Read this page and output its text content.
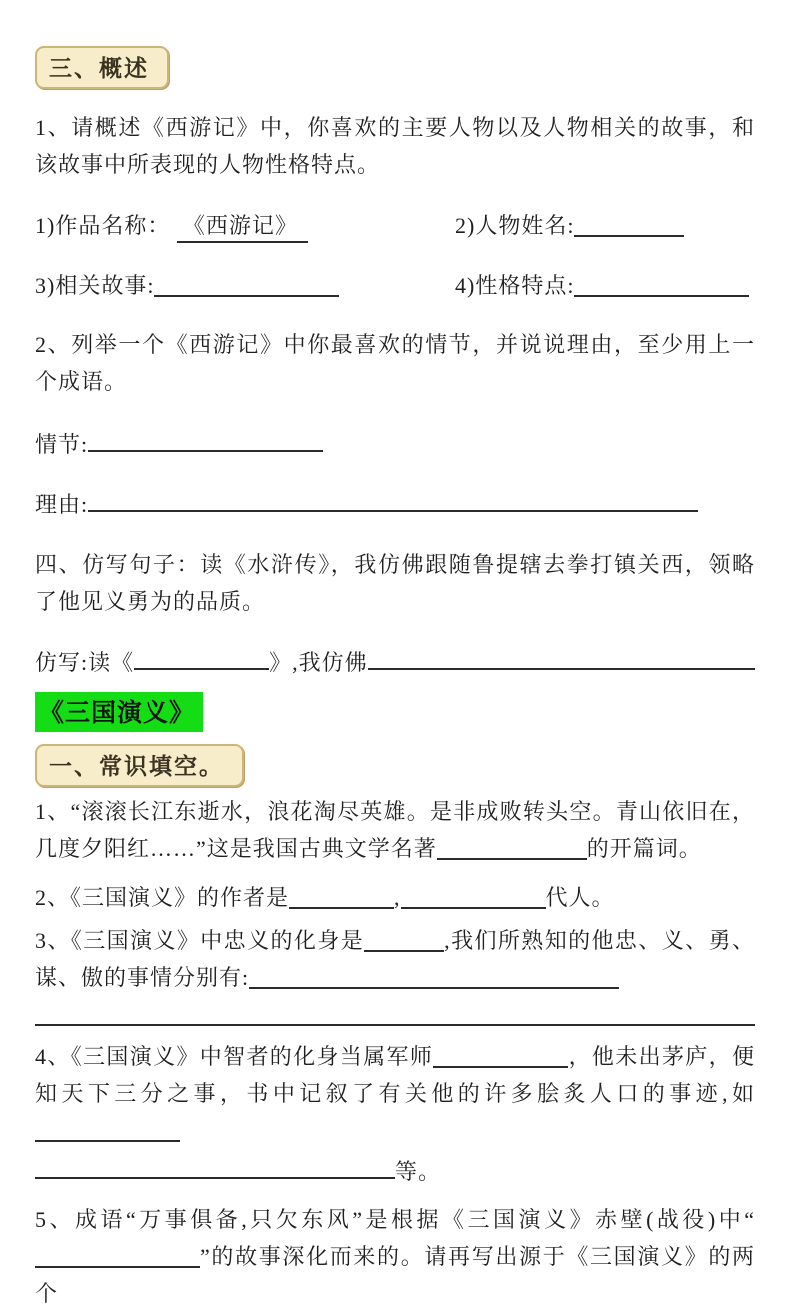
三、概述

1、请概述《西游记》中，你喜欢的主要人物以及人物相关的故事，和该故事中所表现的人物性格特点。

1)作品名称： 《西游记》	2)人物姓名:
3)相关故事:	4)性格特点:

2、列举一个《西游记》中你最喜欢的情节，并说说理由，至少用上一个成语。

情节:
理由:

四、仿写句子：读《水浒传》，我仿佛跟随鲁提辖去拳打镇关西，领略了他见义勇为的品质。

仿写:读《	》,我仿佛
《三国演义》
一、常识填空。

1、“滚滚长江东逝水，浪花淘尽英雄。是非成败转头空。青山依旧在，几度夕阳红……”这是我国古典文学名著	的开篇词。

2、《三国演义》的作者是	,	代人。

3、《三国演义》中忠义的化身是	,我们所熟知的他忠、义、勇、谋、傲的事情分别有:

4、《三国演义》中智者的化身当属军师	，他未出茅庐，便知天下三分之事，书中记叙了有关他的许多脍炙人口的事迹,如

等。

5、成语“万事俱备,只欠东风”是根据《三国演义》赤壁(战役)中“”的故事深化而来的。请再写出源于《三国演义》的两个
